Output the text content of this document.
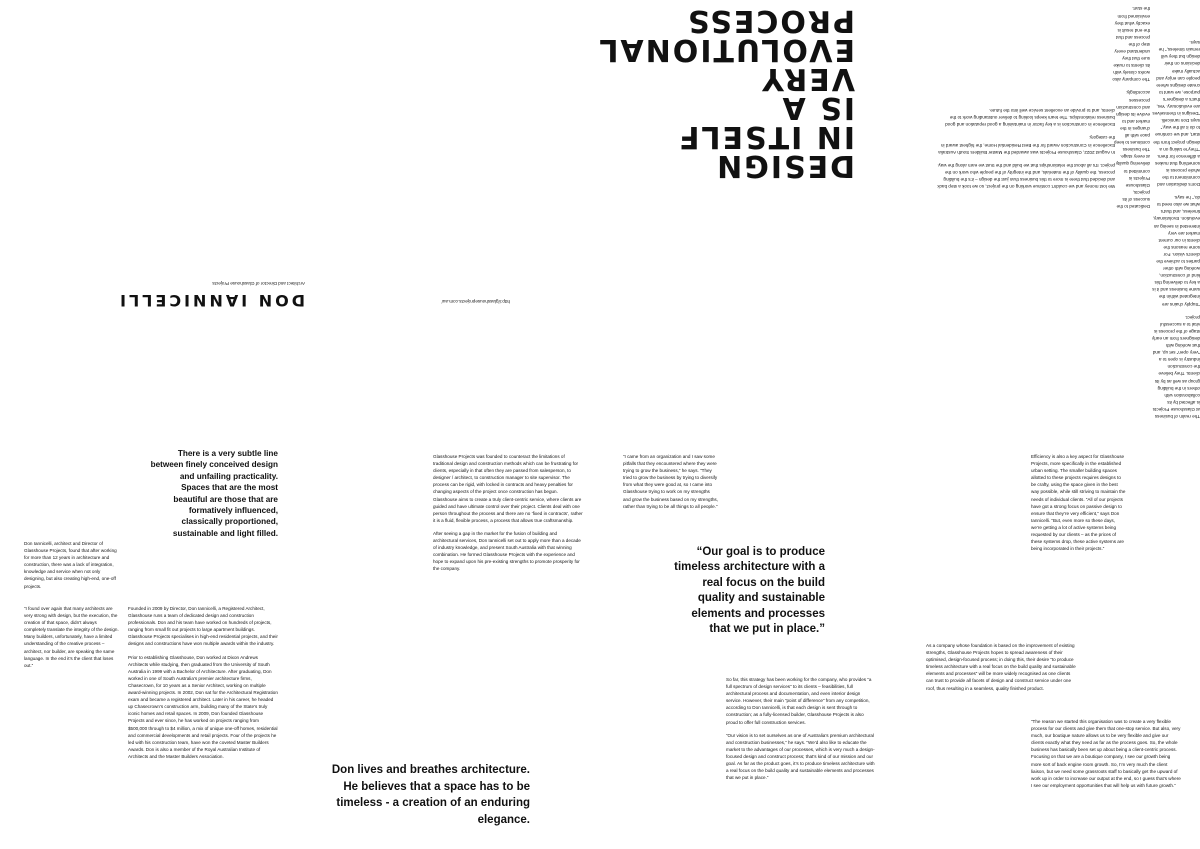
DESIGN
IN ITSELF
IS A
VERY
EVOLUTIONAL
PROCESS
DON IANNICELLI
Architect and Director of Glasshouse Projects
http://glasshouseprojects.com.au/

The realm of business at Glasshouse Projects is affected by its collaboration with others in the building group as well as by its clients. They believe the construction industry is open to a “very open” set up, and that working with designers from an early stage of the process is vital to a successful project.

“Supply chains are integrated within the same business and it is a key to delivering this kind of construction, working with other parties to achieve the client’s vision. For some reasons the clients in our current market are very interested in seeing an evolution. Evolutionary, timeless, and that’s what we also need to do,” he says.

Don’s dedication and commitment to the whole process is something that makes a difference for them. “They’re taking on a design project from the start, and we continue to do it all the way,” says Don Iannicelli. “Designs in themselves are evolutionary. Yes, that’s a designer’s purpose, we want to create designs where people can enjoy and actually make decisions on their design but they will remain timeless,” he says.

We lost money and we couldn’t continue working on the project, so we took a step back and decided that there is more to this business than just the design – it’s the building process, the quality of the materials, and the integrity of the people who work on the project. It’s all about the relationships that we build and the trust we earn along the way.

In August 2022, Glasshouse Projects was awarded the Master Builders South Australia Excellence in Construction Award for the Best Residential Home, the highest award in the category.

Excellence in construction is a key factor in maintaining a good reputation and good business relationships. The team keeps looking to deliver outstanding work to the clients, and to provide an excellent service well into the future.

Dedicated to the success of its projects, Glasshouse Projects is committed to delivering quality at every stage. The business continues to keep pace with all changes in the market and to evolve its design and construction processes accordingly.

The company also works closely with its clients to make sure that they understand every step of the process and that the end result is exactly what they envisioned from the start.

There is a very subtle line between finely conceived design and unfailing practicality. Spaces that are the most beautiful are those that are formatively influenced, classically proportioned, sustainable and light filled.
Don Iannicelli, architect and Director of Glasshouse Projects, found that after working for more than 12 years in architecture and construction, there was a lack of integration, knowledge and service when not only designing, but also creating high-end, one-off projects.
“I found over again that many architects are very strong with design, but the execution, the creation of that space, didn’t always completely translate the integrity of the design. Many builders, unfortunately, have a limited understanding of the creative process – architect, nor builder, are speaking the same language. In the end it’s the client that loses out.”

Founded in 2009 by Director, Don Iannicelli, a Registered Architect, Glasshouse runs a team of dedicated design and construction professionals. Don and his team have worked on hundreds of projects, ranging from small fit out projects to large apartment buildings. Glasshouse Projects specialises in high-end residential projects, and their designs and constructions have won multiple awards within the industry.

Prior to establishing Glasshouse, Don worked at Dixon Andrews Architects while studying, then graduated from the University of South Australia in 1999 with a Bachelor of Architecture. After graduating, Don worked in one of South Australia’s premier architecture firms, Chasecrown, for 10 years as a Senior Architect, working on multiple award-winning projects. In 2002, Don sat for the Architectural Registration exam and became a registered architect. Later in his career, he headed up Chasecrown’s construction arm, building many of the State’s truly iconic homes and retail spaces. In 2009, Don founded Glasshouse Projects and ever since, he has worked on projects ranging from $500,000 through to $4 million, a mix of unique one-off homes, residential and commercial developments and retail projects. Four of the projects he led with his construction team, have won the coveted Master Builders Awards. Don is also a member of the Royal Australian Institute of Architects and the Master Builders Association.

Don lives and breathes architecture. He believes that a space has to be timeless - a creation of an enduring elegance.

Glasshouse Projects was founded to counteract the limitations of traditional design and construction methods which can be frustrating for clients, especially in that often they are passed from salesperson, to designer / architect, to construction manager to site supervisor. The process can be rigid, with locked in contracts and heavy penalties for changing aspects of the project once construction has begun. Glasshouse aims to create a truly client-centric service, where clients are guided and have ultimate control over their project. Clients deal with one person throughout the process and there are no ‘fixed in contracts’, rather it is a fluid, flexible process, a process that allows true craftsmanship.

After seeing a gap in the market for the fusion of building and architectural services, Don Iannicelli set out to apply more than a decade of industry knowledge, and present South Australia with that winning combination. He formed Glasshouse Projects with the experience and hope to expand upon his pre-existing strengths to promote prosperity for the company.

“I came from an organization and I saw some pitfalls that they encountered where they were trying to grow the business,” he says. “They tried to grow the business by trying to diversify from what they were good at, so I came into Glasshouse trying to work on my strengths and grow the business based on my strengths, rather than trying to be all things to all people.”
“Our goal is to produce timeless architecture with a real focus on the build quality and sustainable elements and processes that we put in place.”

So far, this strategy has been working for the company, who provides “a full spectrum of design services” to its clients – feasibilities, full architectural process and documentation, and even interior design service. However, their main “point of difference” from any competition, according to Don Iannicelli, is that each design is sent through to construction; as a fully-licensed builder, Glasshouse Projects is also proud to offer full construction services.

“Our vision is to set ourselves as one of Australia’s premium architectural and construction businesses,” he says. “We’d also like to educate the market to the advantages of our processes, which is very much a design-focused design and construct process; that’s kind of our mission and our goal. As far as the product goes, it’s to produce timeless architecture with a real focus on the build quality and sustainable elements and processes that we put in place.”

Efficiency is also a key aspect for Glasshouse Projects, more specifically in the established urban setting. The smaller building spaces allotted to these projects requires designs to be crafty, using the space given in the best way possible, while still striving to maintain the needs of individual clients. “All of our projects have got a strong focus on passive design to ensure that they’re very efficient,” says Don Iannicelli. “But, even more so these days, we’re getting a lot of active systems being requested by our clients – as the prices of these systems drop, these active systems are being incorporated in their projects.”
As a company whose foundation is based on the improvement of existing strengths, Glasshouse Projects hopes to spread awareness of their optimised, design-focused process; in doing this, their desire “to produce timeless architecture with a real focus on the build quality and sustainable elements and processes” will be more widely recognised as one clients can trust to provide all facets of design and construct service under one roof, thus resulting in a seamless, quality finished product.
“The reason we started this organisation was to create a very flexible process for our clients and give them that one-stop service. But also, very much, our boutique nature allows us to be very flexible and give our clients exactly what they need as far as the process goes. So, the whole business has basically been set up about being a client-centric process. Focusing on that we are a boutique company, I see our growth being more sort of back engine room growth. So, I’m very much the client liaison, but we need some grassroots staff to basically get the upward of work up in order to increase our output at the end, so I guess that’s where I see our employment opportunities that will help us with future growth.”
